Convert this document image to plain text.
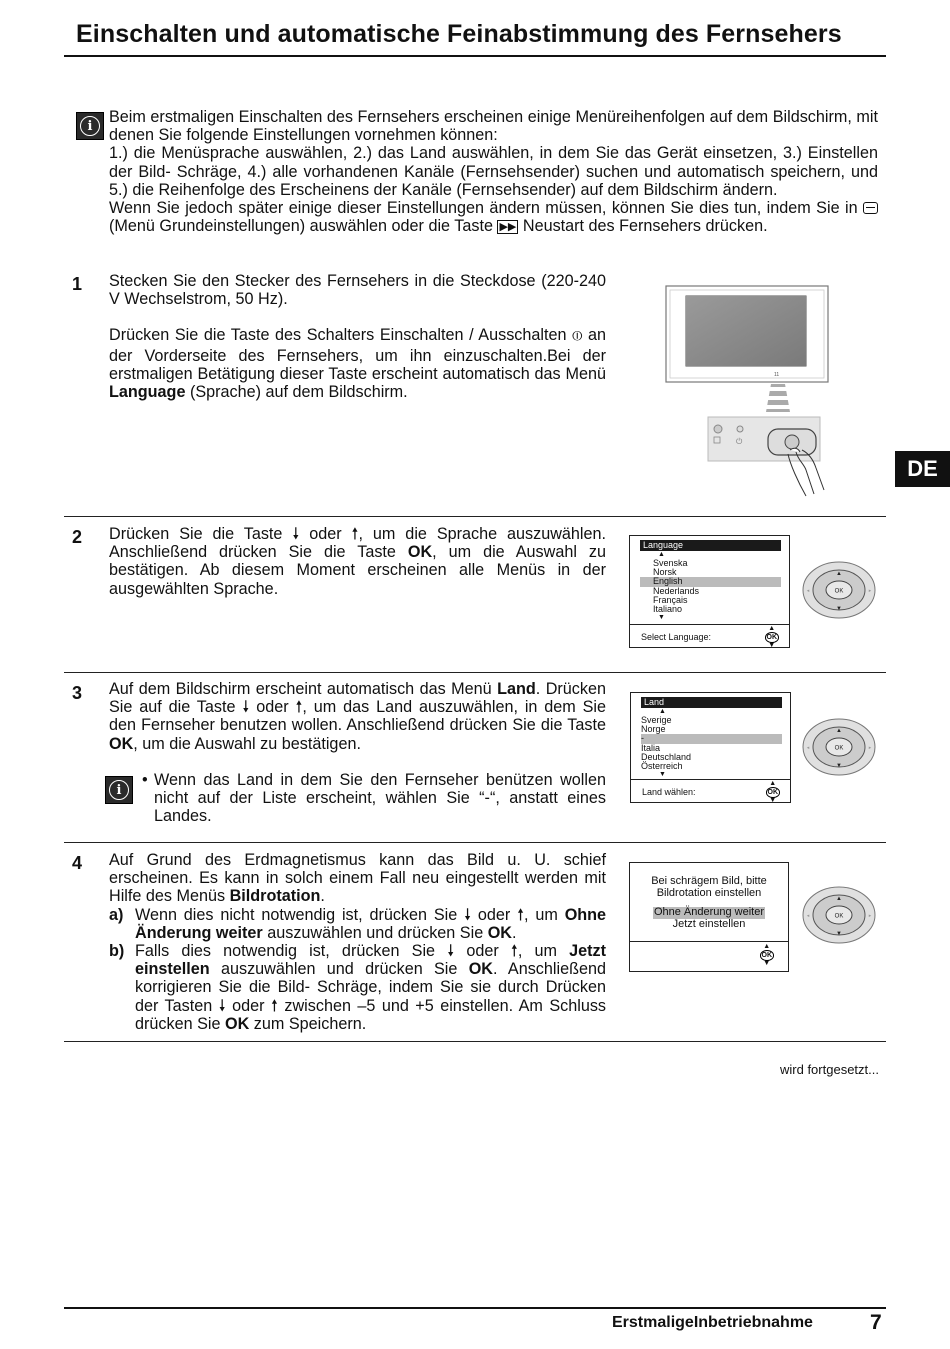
Einschalten und automatische Feinabstimmung des Fernsehers
DE
i	Beim erstmaligen Einschalten des Fernsehers erscheinen einige Menüreihenfolgen auf dem Bildschirm, mit denen Sie folgende Einstellungen vornehmen können:

1.) die Menüsprache auswählen, 2.) das Land auswählen, in dem Sie das Gerät einsetzen, 3.) Einstellen der Bild- Schräge, 4.) alle vorhandenen Kanäle (Fernsehsender) suchen und automatisch speichern, und 5.) die Reihenfolge des Erscheinens der Kanäle (Fernsehsender) auf dem Bildschirm ändern.

Wenn Sie jedoch später einige dieser Einstellungen ändern müssen, können Sie dies tun, indem Sie in
(Menü Grundeinstellungen) auswählen oder die Taste ▶▶ Neustart des Fernsehers drücken.

1 Stecken Sie den Stecker des Fernsehers in die Steckdose (220-240 V Wechselstrom, 50 Hz).

Drücken Sie die Taste des Schalters Einschalten / Ausschalten ⏼ an der Vorderseite des Fernsehers, um ihn einzuschalten.Bei der erstmaligen Betätigung dieser Taste erscheint automatisch das Menü Language (Sprache) auf dem Bildschirm.

11
⏻
2 Drücken Sie die Taste 🠗 oder 🠕, um die Sprache auszuwählen. Anschließend drücken Sie die Taste OK, um die Auswahl zu bestätigen. Ab diesem Moment erscheinen alle Menüs in der ausgewählten Sprache.

Language
▲
Svenska
Norsk
English
Nederlands
Français
Italiano
▼
Select Language:
▲
OK
▼
OK
▲
▼
◂	▸
3 Auf dem Bildschirm erscheint automatisch das Menü Land. Drücken Sie auf die Taste 🠗 oder 🠕, um das Land auszuwählen, in dem Sie den Fernseher benutzen wollen. Anschließend drücken Sie die Taste OK, um die Auswahl zu bestätigen.

i
• Wenn das Land in dem Sie den Fernseher benützen wollen nicht auf der Liste erscheint, wählen Sie “-“, anstatt eines Landes.
Land
▲
Sverige
Norge
-
Italia
Deutschland
Österreich
▼
Land wählen:
▲
OK
▼
OK
▲
▼
◂	▸
4 Auf Grund des Erdmagnetismus kann das Bild u. U. schief erscheinen. Es kann in solch einem Fall neu eingestellt werden mit Hilfe des Menüs Bildrotation.

a) Wenn dies nicht notwendig ist, drücken Sie 🠗 oder 🠕, um Ohne Änderung weiter auszuwählen und drücken Sie OK.
b) Falls dies notwendig ist, drücken Sie 🠗 oder 🠕, um Jetzt einstellen auszuwählen und drücken Sie OK. Anschließend korrigieren Sie die Bild- Schräge, indem Sie sie durch Drücken der Tasten 🠗 oder 🠕 zwischen –5 und +5 einstellen. Am Schluss drücken Sie OK zum Speichern.
Bei schrägem Bild, bitte
Bildrotation einstellen
Ohne Änderung weiter
Jetzt einstellen
▲
OK
▼
OK
▲
▼
◂	▸
wird fortgesetzt...
ErstmaligeInbetriebnahme	7
